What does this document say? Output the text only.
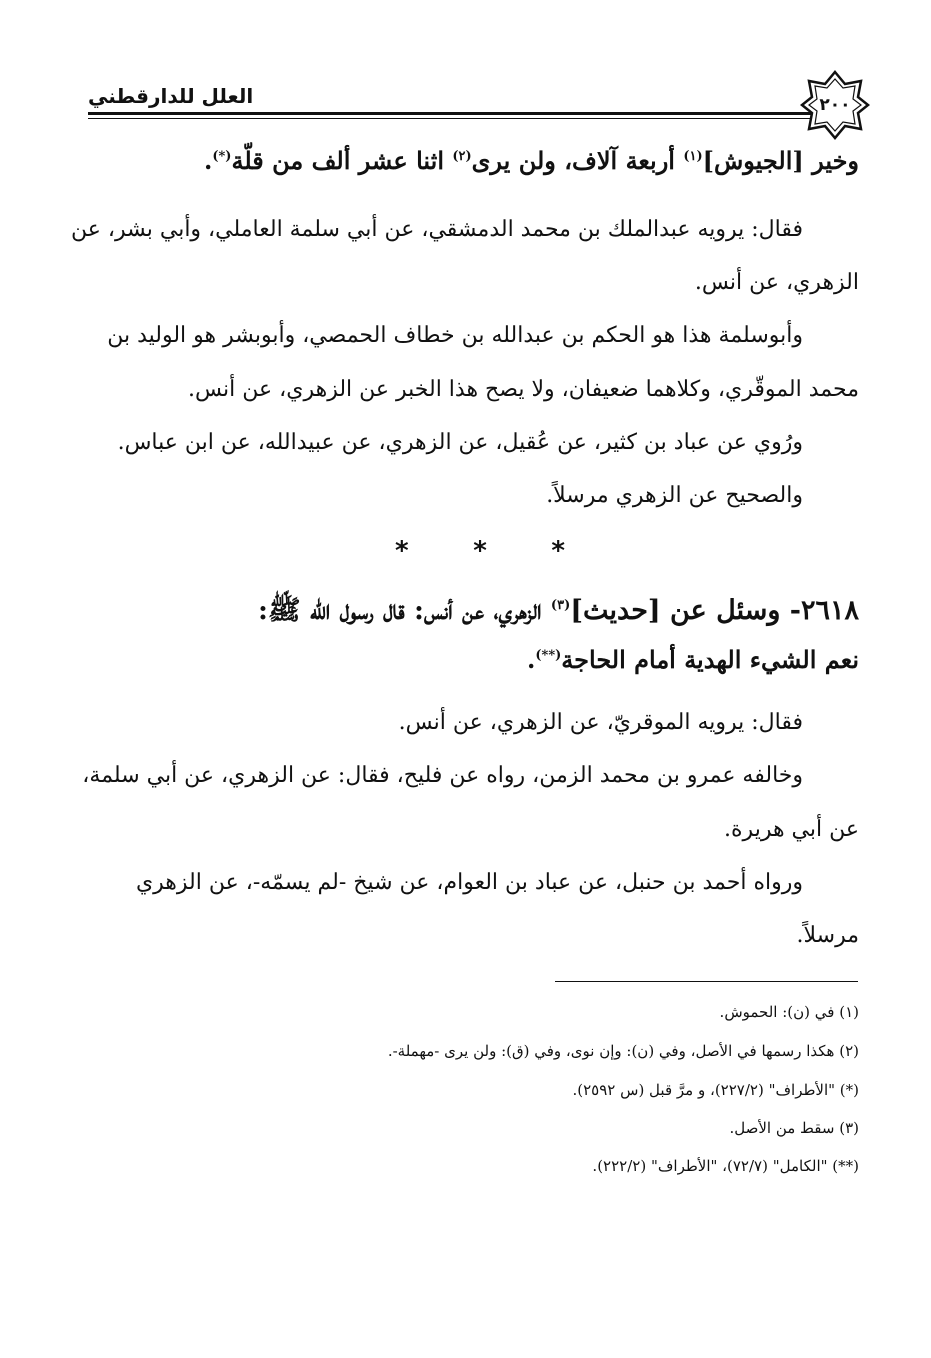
العلل للدارقطني	٢٠٠
وخير [الجيوش]$^{(١)}$ أربعة آلاف، ولن يرى$^{(٢)}$ اثنا عشر ألف من قلّة(*).
فقال: يرويه عبدالملك بن محمد الدمشقي، عن أبي سلمة العاملي، وأبي بشر، عن
الزهري، عن أنس.
وأبوسلمة هذا هو الحكم بن عبدالله بن خطاف الحمصي، وأبوبشر هو الوليد بن
محمد الموقّري، وكلاهما ضعيفان، ولا يصح هذا الخبر عن الزهري، عن أنس.
ورُوي عن عباد بن كثير، عن عُقيل، عن الزهري، عن عبيدالله، عن ابن عباس.
والصحيح عن الزهري مرسلاً.
* * *
٢٦١٨- وسئل عن [حديث]$^{(٣)}$ الزهري، عن أنس: قال رسول الله ﷺ:
نعم الشيء الهدية أمام الحاجة(**).
فقال: يرويه الموقريّ، عن الزهري، عن أنس.
وخالفه عمرو بن محمد الزمن، رواه عن فليح، فقال: عن الزهري، عن أبي سلمة،
عن أبي هريرة.
ورواه أحمد بن حنبل، عن عباد بن العوام، عن شيخ -لم يسمّه-، عن الزهري
مرسلاً.
(١) في (ن): الحموش.
(٢) هكذا رسمها في الأصل، وفي (ن): وإن نوى، وفي (ق): ولن يرى -مهملة-.
(*) "الأطراف" (٢٢٧/٢)، و مرَّ قبل (س ٢٥٩٢).
(٣) سقط من الأصل.
(**) "الكامل" (٧٢/٧)، "الأطراف" (٢٢٢/٢).
